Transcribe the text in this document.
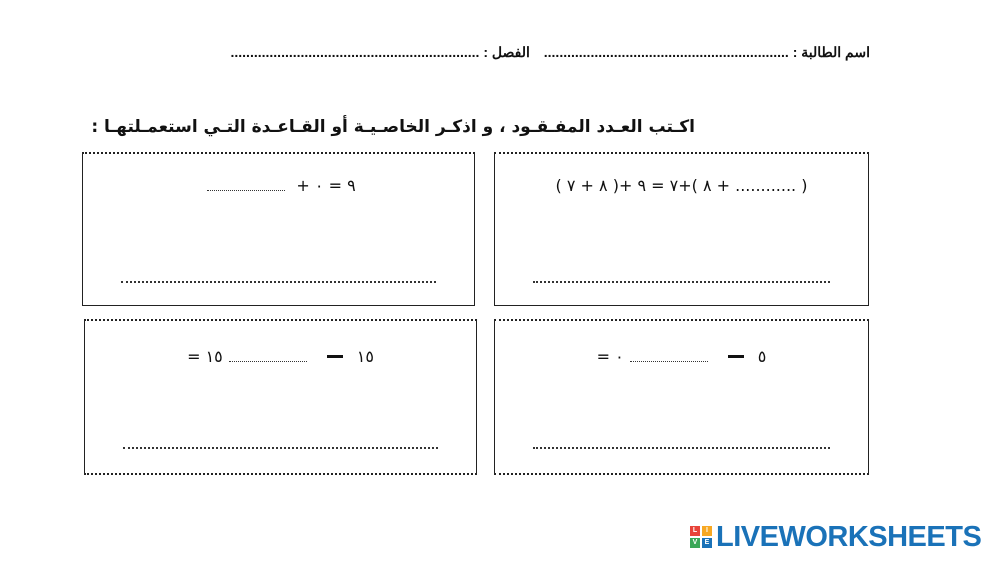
اسم الطالبة : ............................................................... الفصل : ................................................................
اكـتب العـدد المفـقـود ، و اذكـر الخاصـيـة أو القـاعـدة التـي استعمـلتهـا :
( ............ + ٨ )+٧ = ٩ +( ٨ + ٧ )
٩ = ٠ +
٥٠ =
١٥١٥ =
L	I
V	E LIVEWORKSHEETS
